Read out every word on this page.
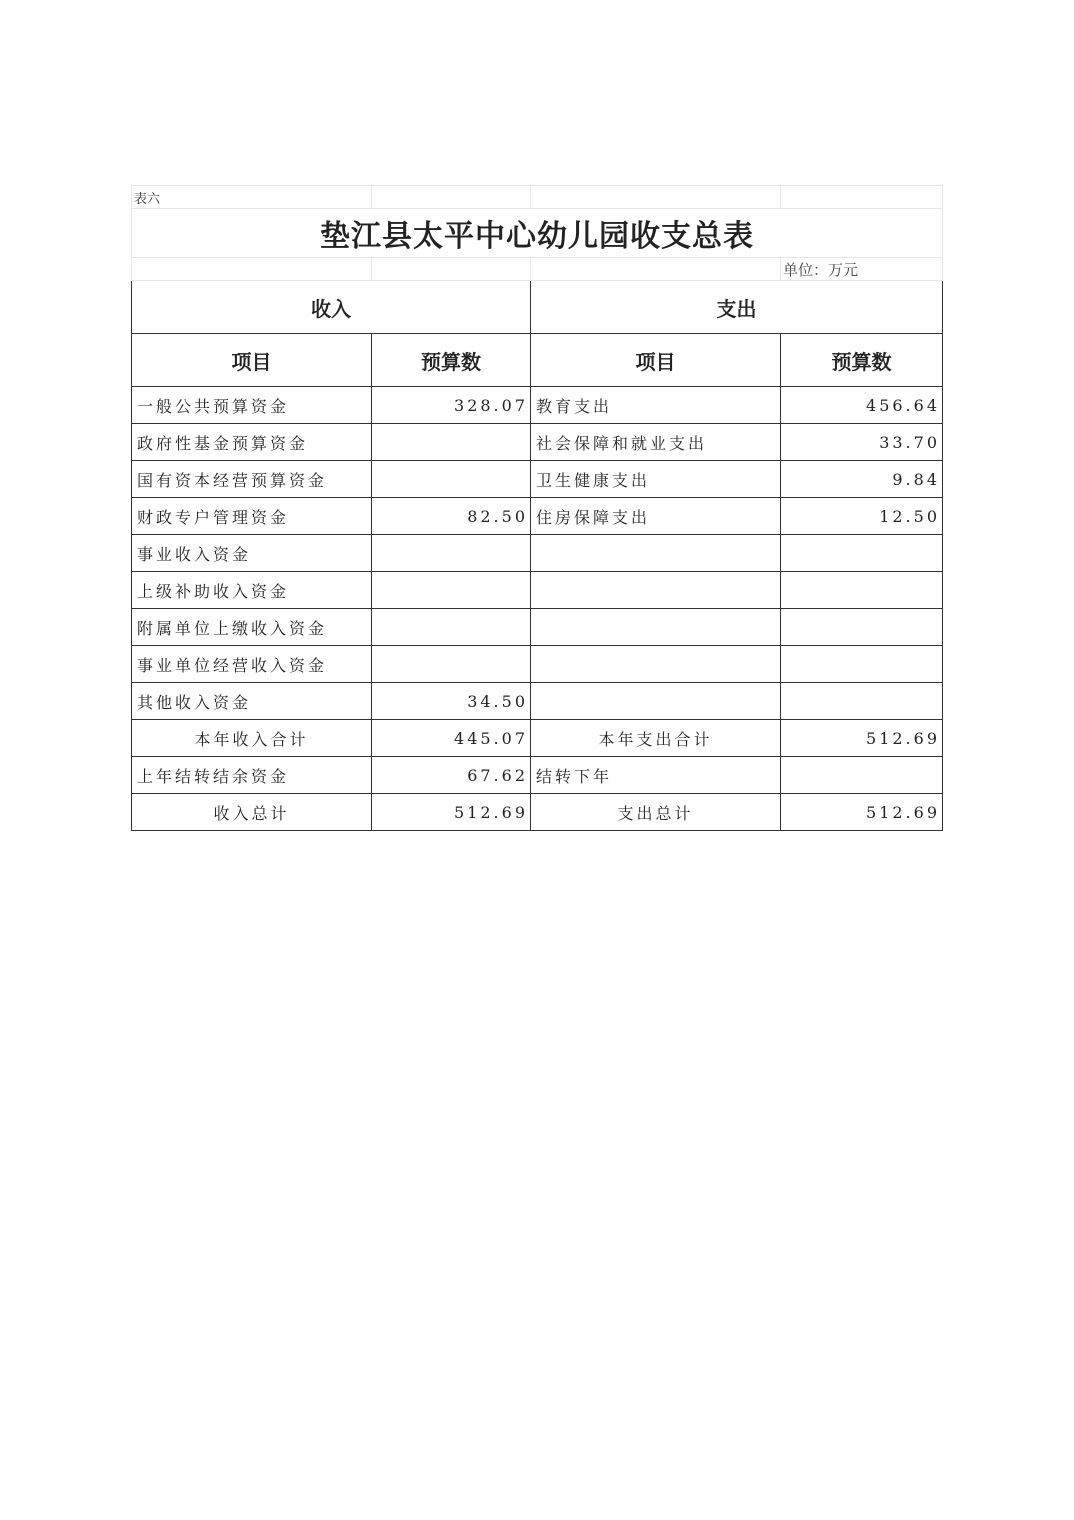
表六			
垫江县太平中心幼儿园收支总表			
			单位：万元
收入		支出	
项目	预算数	项目	预算数
一般公共预算资金	328.07	教育支出	456.64
政府性基金预算资金		社会保障和就业支出	33.70
国有资本经营预算资金		卫生健康支出	9.84
财政专户管理资金	82.50	住房保障支出	12.50
事业收入资金			
上级补助收入资金			
附属单位上缴收入资金			
事业单位经营收入资金			
其他收入资金	34.50		
本年收入合计	445.07	本年支出合计	512.69
上年结转结余资金	67.62	结转下年	
收入总计	512.69	支出总计	512.69
